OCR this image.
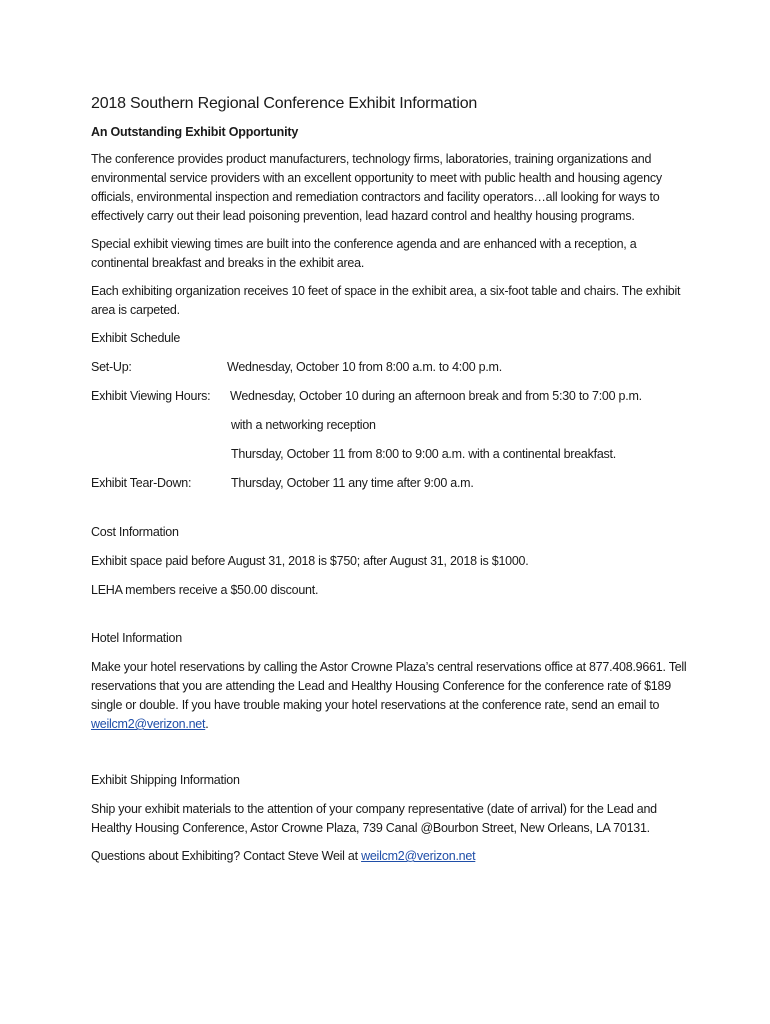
2018 Southern Regional Conference Exhibit Information
An Outstanding Exhibit Opportunity

The conference provides product manufacturers, technology firms, laboratories, training organizations and environmental service providers with an excellent opportunity to meet with public health and housing agency officials, environmental inspection and remediation contractors and facility operators…all looking for ways to effectively carry out their lead poisoning prevention, lead hazard control and healthy housing programs.

Special exhibit viewing times are built into the conference agenda and are enhanced with a reception, a continental breakfast and breaks in the exhibit area.

Each exhibiting organization receives 10 feet of space in the exhibit area, a six-foot table and chairs. The exhibit area is carpeted.

Exhibit Schedule
Set-Up:	Wednesday, October 10 from 8:00 a.m. to 4:00 p.m.
Exhibit Viewing Hours:	Wednesday, October 10 during an afternoon break and from 5:30 to 7:00 p.m.
with a networking reception
Thursday, October 11 from 8:00 to 9:00 a.m. with a continental breakfast.
Exhibit Tear-Down:	Thursday, October 11 any time after 9:00 a.m.
Cost Information
Exhibit space paid before August 31, 2018 is $750; after August 31, 2018 is $1000.
LEHA members receive a $50.00 discount.
Hotel Information

Make your hotel reservations by calling the Astor Crowne Plaza’s central reservations office at 877.408.9661. Tell reservations that you are attending the Lead and Healthy Housing Conference for the conference rate of $189 single or double. If you have trouble making your hotel reservations at the conference rate, send an email to weilcm2@verizon.net.

Exhibit Shipping Information

Ship your exhibit materials to the attention of your company representative (date of arrival) for the Lead and Healthy Housing Conference, Astor Crowne Plaza, 739 Canal @Bourbon Street, New Orleans, LA 70131.

Questions about Exhibiting? Contact Steve Weil at weilcm2@verizon.net
